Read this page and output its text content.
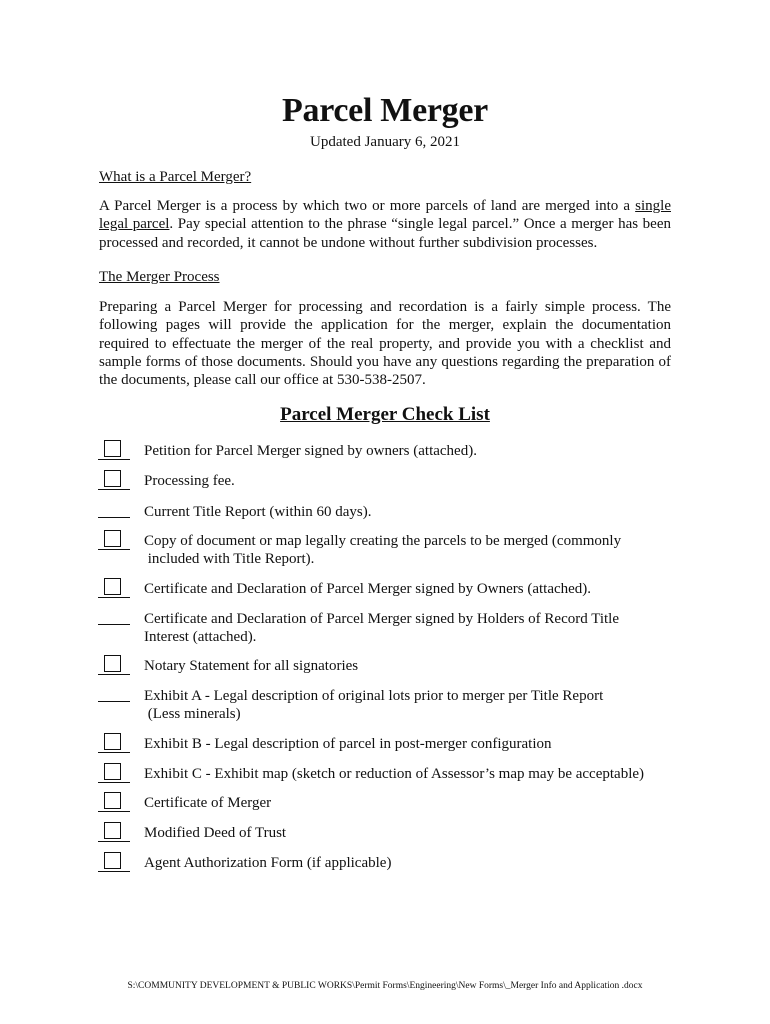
Parcel Merger
Updated January 6, 2021
What is a Parcel Merger?

A Parcel Merger is a process by which two or more parcels of land are merged into a single legal parcel. Pay special attention to the phrase “single legal parcel.” Once a merger has been processed and recorded, it cannot be undone without further subdivision processes.

The Merger Process

Preparing a Parcel Merger for processing and recordation is a fairly simple process. The following pages will provide the application for the merger, explain the documentation required to effectuate the merger of the real property, and provide you with a checklist and sample forms of those documents. Should you have any questions regarding the preparation of the documents, please call our office at 530-538-2507.

Parcel Merger Check List
Petition for Parcel Merger signed by owners (attached).
Processing fee.
Current Title Report (within 60 days).
Copy of document or map legally creating the parcels to be merged (commonly
included with Title Report).
Certificate and Declaration of Parcel Merger signed by Owners (attached).
Certificate and Declaration of Parcel Merger signed by Holders of Record Title
Interest (attached).
Notary Statement for all signatories
Exhibit A - Legal description of original lots prior to merger per Title Report
(Less minerals)
Exhibit B - Legal description of parcel in post-merger configuration
Exhibit C - Exhibit map (sketch or reduction of Assessor’s map may be acceptable)
Certificate of Merger
Modified Deed of Trust
Agent Authorization Form (if applicable)
S:\COMMUNITY DEVELOPMENT & PUBLIC WORKS\Permit Forms\Engineering\New Forms\_Merger Info and Application .docx
